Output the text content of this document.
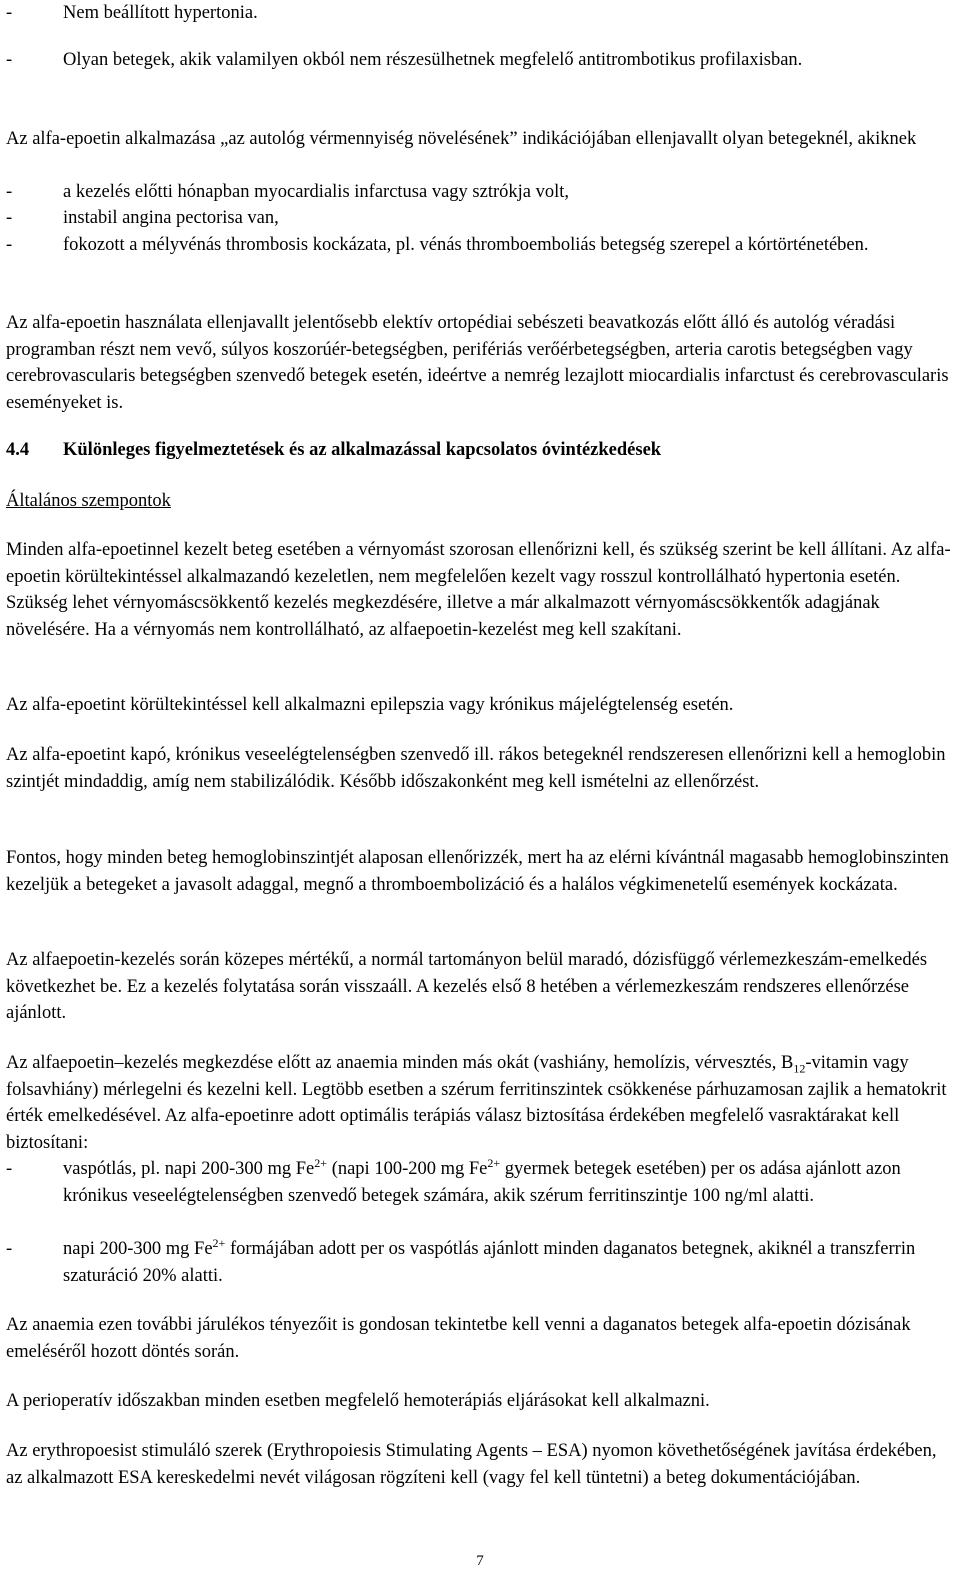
-	Nem beállított hypertonia.
-	Olyan betegek, akik valamilyen okból nem részesülhetnek megfelelő antitrombotikus profilaxisban.

Az alfa-epoetin alkalmazása „az autológ vérmennyiség növelésének” indikációjában ellenjavallt olyan betegeknél, akiknek

-	a kezelés előtti hónapban myocardialis infarctusa vagy sztrókja volt,
-	instabil angina pectorisa van,
-	fokozott a mélyvénás thrombosis kockázata, pl. vénás thromboemboliás betegség szerepel a kórtörténetében.

Az alfa-epoetin használata ellenjavallt jelentősebb elektív ortopédiai sebészeti beavatkozás előtt álló és autológ véradási programban részt nem vevő, súlyos koszorúér-betegségben, perifériás verőérbetegségben, arteria carotis betegségben vagy cerebrovascularis betegségben szenvedő betegek esetén, ideértve a nemrég lezajlott miocardialis infarctust és cerebrovascularis eseményeket is.

4.4 Különleges figyelmeztetések és az alkalmazással kapcsolatos óvintézkedések
Általános szempontok

Minden alfa-epoetinnel kezelt beteg esetében a vérnyomást szorosan ellenőrizni kell, és szükség szerint be kell állítani. Az alfa-epoetin körültekintéssel alkalmazandó kezeletlen, nem megfelelően kezelt vagy rosszul kontrollálható hypertonia esetén. Szükség lehet vérnyomáscsökkentő kezelés megkezdésére, illetve a már alkalmazott vérnyomáscsökkentők adagjának növelésére. Ha a vérnyomás nem kontrollálható, az alfaepoetin-kezelést meg kell szakítani.

Az alfa-epoetint körültekintéssel kell alkalmazni epilepszia vagy krónikus májelégtelenség esetén.

Az alfa-epoetint kapó, krónikus veseelégtelenségben szenvedő ill. rákos betegeknél rendszeresen ellenőrizni kell a hemoglobin szintjét mindaddig, amíg nem stabilizálódik. Később időszakonként meg kell ismételni az ellenőrzést.

Fontos, hogy minden beteg hemoglobinszintjét alaposan ellenőrizzék, mert ha az elérni kívántnál magasabb hemoglobinszinten kezeljük a betegeket a javasolt adaggal, megnő a thromboembolizáció és a halálos végkimenetelű események kockázata.

Az alfaepoetin-kezelés során közepes mértékű, a normál tartományon belül maradó, dózisfüggő vérlemezkeszám-emelkedés következhet be. Ez a kezelés folytatása során visszaáll. A kezelés első 8 hetében a vérlemezkeszám rendszeres ellenőrzése ajánlott.

Az alfaepoetin–kezelés megkezdése előtt az anaemia minden más okát (vashiány, hemolízis, vérvesztés, $B_{12}$-vitamin vagy folsavhiány) mérlegelni és kezelni kell. Legtöbb esetben a szérum ferritinszintek csökkenése párhuzamosan zajlik a hematokrit érték emelkedésével. Az alfa-epoetinre adott optimális terápiás válasz biztosítása érdekében megfelelő vasraktárakat kell biztosítani:

-	vaspótlás, pl. napi 200-300 mg $Fe^{2+}$ (napi 100-200 mg $Fe^{2+}$ gyermek betegek esetében) per os adása ajánlott azon krónikus veseelégtelenségben szenvedő betegek számára, akik szérum ferritinszintje 100 ng/ml alatti.
-	napi 200-300 mg $Fe^{2+}$ formájában adott per os vaspótlás ajánlott minden daganatos betegnek, akiknél a transzferrin szaturáció 20% alatti.

Az anaemia ezen további járulékos tényezőit is gondosan tekintetbe kell venni a daganatos betegek alfa-epoetin dózisának emeléséről hozott döntés során.

A perioperatív időszakban minden esetben megfelelő hemoterápiás eljárásokat kell alkalmazni.

Az erythropoesist stimuláló szerek (Erythropoiesis Stimulating Agents – ESA) nyomon követhetőségének javítása érdekében, az alkalmazott ESA kereskedelmi nevét világosan rögzíteni kell (vagy fel kell tüntetni) a beteg dokumentációjában.

7
